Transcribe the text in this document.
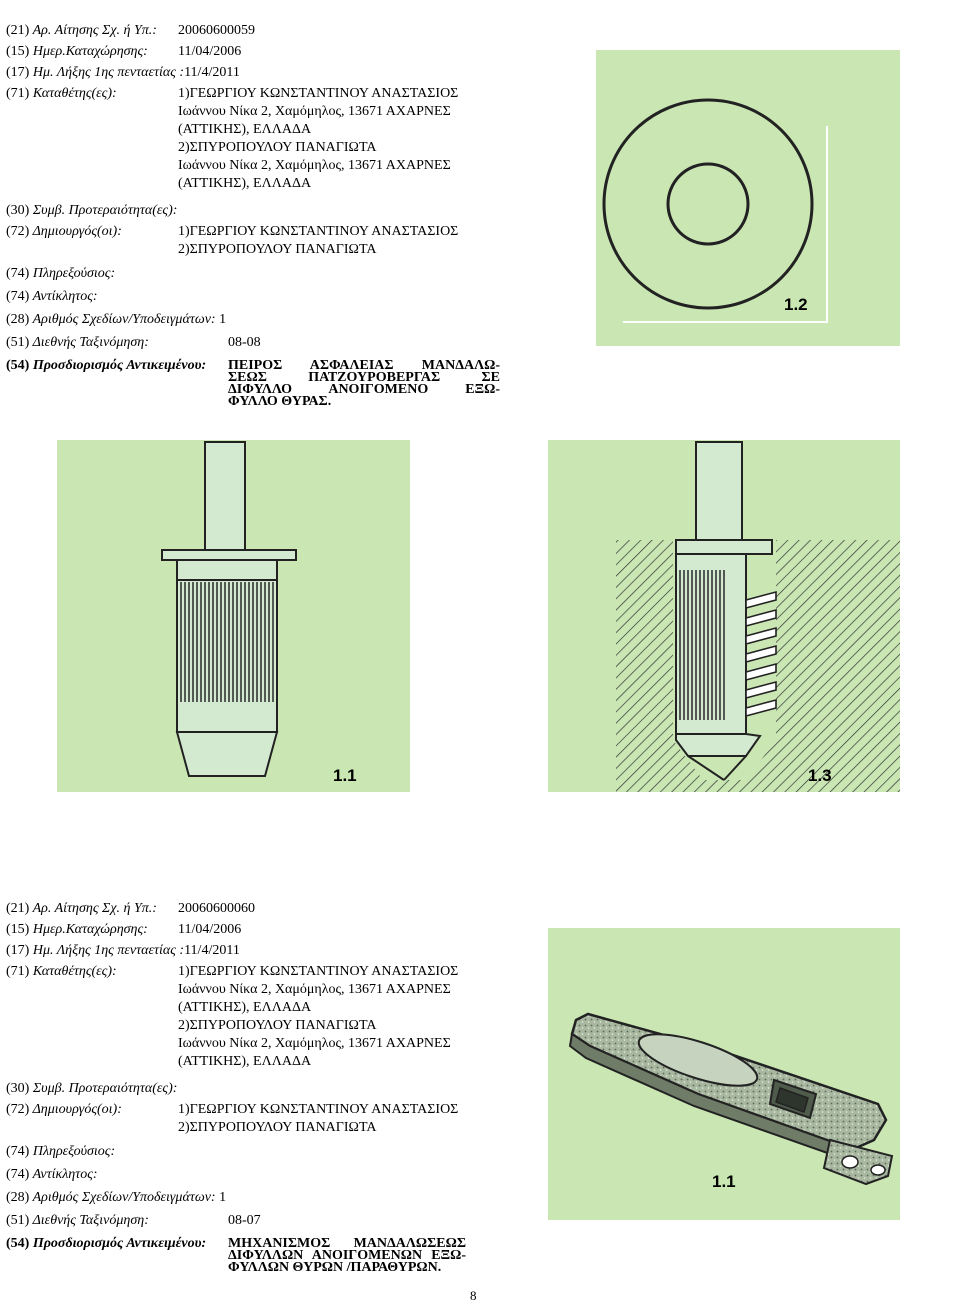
(21) Αρ. Αίτησης Σχ. ή Υπ.: 20060600059
(15) Ημερ.Καταχώρησης: 11/04/2006
(17) Ημ. Λήξης 1ης πενταετίας :11/4/2011
(71) Καταθέτης(ες):	1)ΓΕΩΡΓΙΟΥ ΚΩΝΣΤΑΝΤΙΝΟΥ ΑΝΑΣΤΑΣΙΟΣ
Ιωάννου Νίκα 2, Χαμόμηλος, 13671 ΑΧΑΡΝΕΣ
(ΑΤΤΙΚΗΣ), ΕΛΛΑΔΑ
2)ΣΠΥΡΟΠΟΥΛΟΥ ΠΑΝΑΓΙΩΤΑ
Ιωάννου Νίκα 2, Χαμόμηλος, 13671 ΑΧΑΡΝΕΣ
(ΑΤΤΙΚΗΣ), ΕΛΛΑΔΑ
(30) Συμβ. Προτεραιότητα(ες):
(72) Δημιουργός(οι):	1)ΓΕΩΡΓΙΟΥ ΚΩΝΣΤΑΝΤΙΝΟΥ ΑΝΑΣΤΑΣΙΟΣ
2)ΣΠΥΡΟΠΟΥΛΟΥ ΠΑΝΑΓΙΩΤΑ
(74) Πληρεξούσιος:
(74) Αντίκλητος:
(28) Αριθμός Σχεδίων/Υποδειγμάτων: 1
(51) Διεθνής Ταξινόμηση:	08-08
(54) Προσδιορισμός Αντικειμένου: ΠΕΙΡΟΣ ΑΣΦΑΛΕΙΑΣ ΜΑΝΔΑΛΩ-
ΣΕΩΣ ΠΑΤΖΟΥΡΟΒΕΡΓΑΣ ΣΕ
ΔΙΦΥΛΛΟ ΑΝΟΙΓΟΜΕΝΟ ΕΞΩ-
ΦΥΛΛΟ ΘΥΡΑΣ.
1.2
1.1	1.3
(21) Αρ. Αίτησης Σχ. ή Υπ.: 20060600060
(15) Ημερ.Καταχώρησης: 11/04/2006
(17) Ημ. Λήξης 1ης πενταετίας :11/4/2011
(71) Καταθέτης(ες):	1)ΓΕΩΡΓΙΟΥ ΚΩΝΣΤΑΝΤΙΝΟΥ ΑΝΑΣΤΑΣΙΟΣ
Ιωάννου Νίκα 2, Χαμόμηλος, 13671 ΑΧΑΡΝΕΣ
(ΑΤΤΙΚΗΣ), ΕΛΛΑΔΑ
2)ΣΠΥΡΟΠΟΥΛΟΥ ΠΑΝΑΓΙΩΤΑ
Ιωάννου Νίκα 2, Χαμόμηλος, 13671 ΑΧΑΡΝΕΣ
(ΑΤΤΙΚΗΣ), ΕΛΛΑΔΑ
(30) Συμβ. Προτεραιότητα(ες):
(72) Δημιουργός(οι):	1)ΓΕΩΡΓΙΟΥ ΚΩΝΣΤΑΝΤΙΝΟΥ ΑΝΑΣΤΑΣΙΟΣ
2)ΣΠΥΡΟΠΟΥΛΟΥ ΠΑΝΑΓΙΩΤΑ
(74) Πληρεξούσιος:
(74) Αντίκλητος:
(28) Αριθμός Σχεδίων/Υποδειγμάτων: 1
(51) Διεθνής Ταξινόμηση:	08-07
(54) Προσδιορισμός Αντικειμένου: ΜΗΧΑΝΙΣΜΟΣ ΜΑΝΔΑΛΩΣΕΩΣ
ΔΙΦΥΛΛΩΝ ΑΝΟΙΓΟΜΕΝΩΝ ΕΞΩ-
ΦΥΛΛΩΝ ΘΥΡΩΝ /ΠΑΡΑΘΥΡΩΝ.
1.1
8
